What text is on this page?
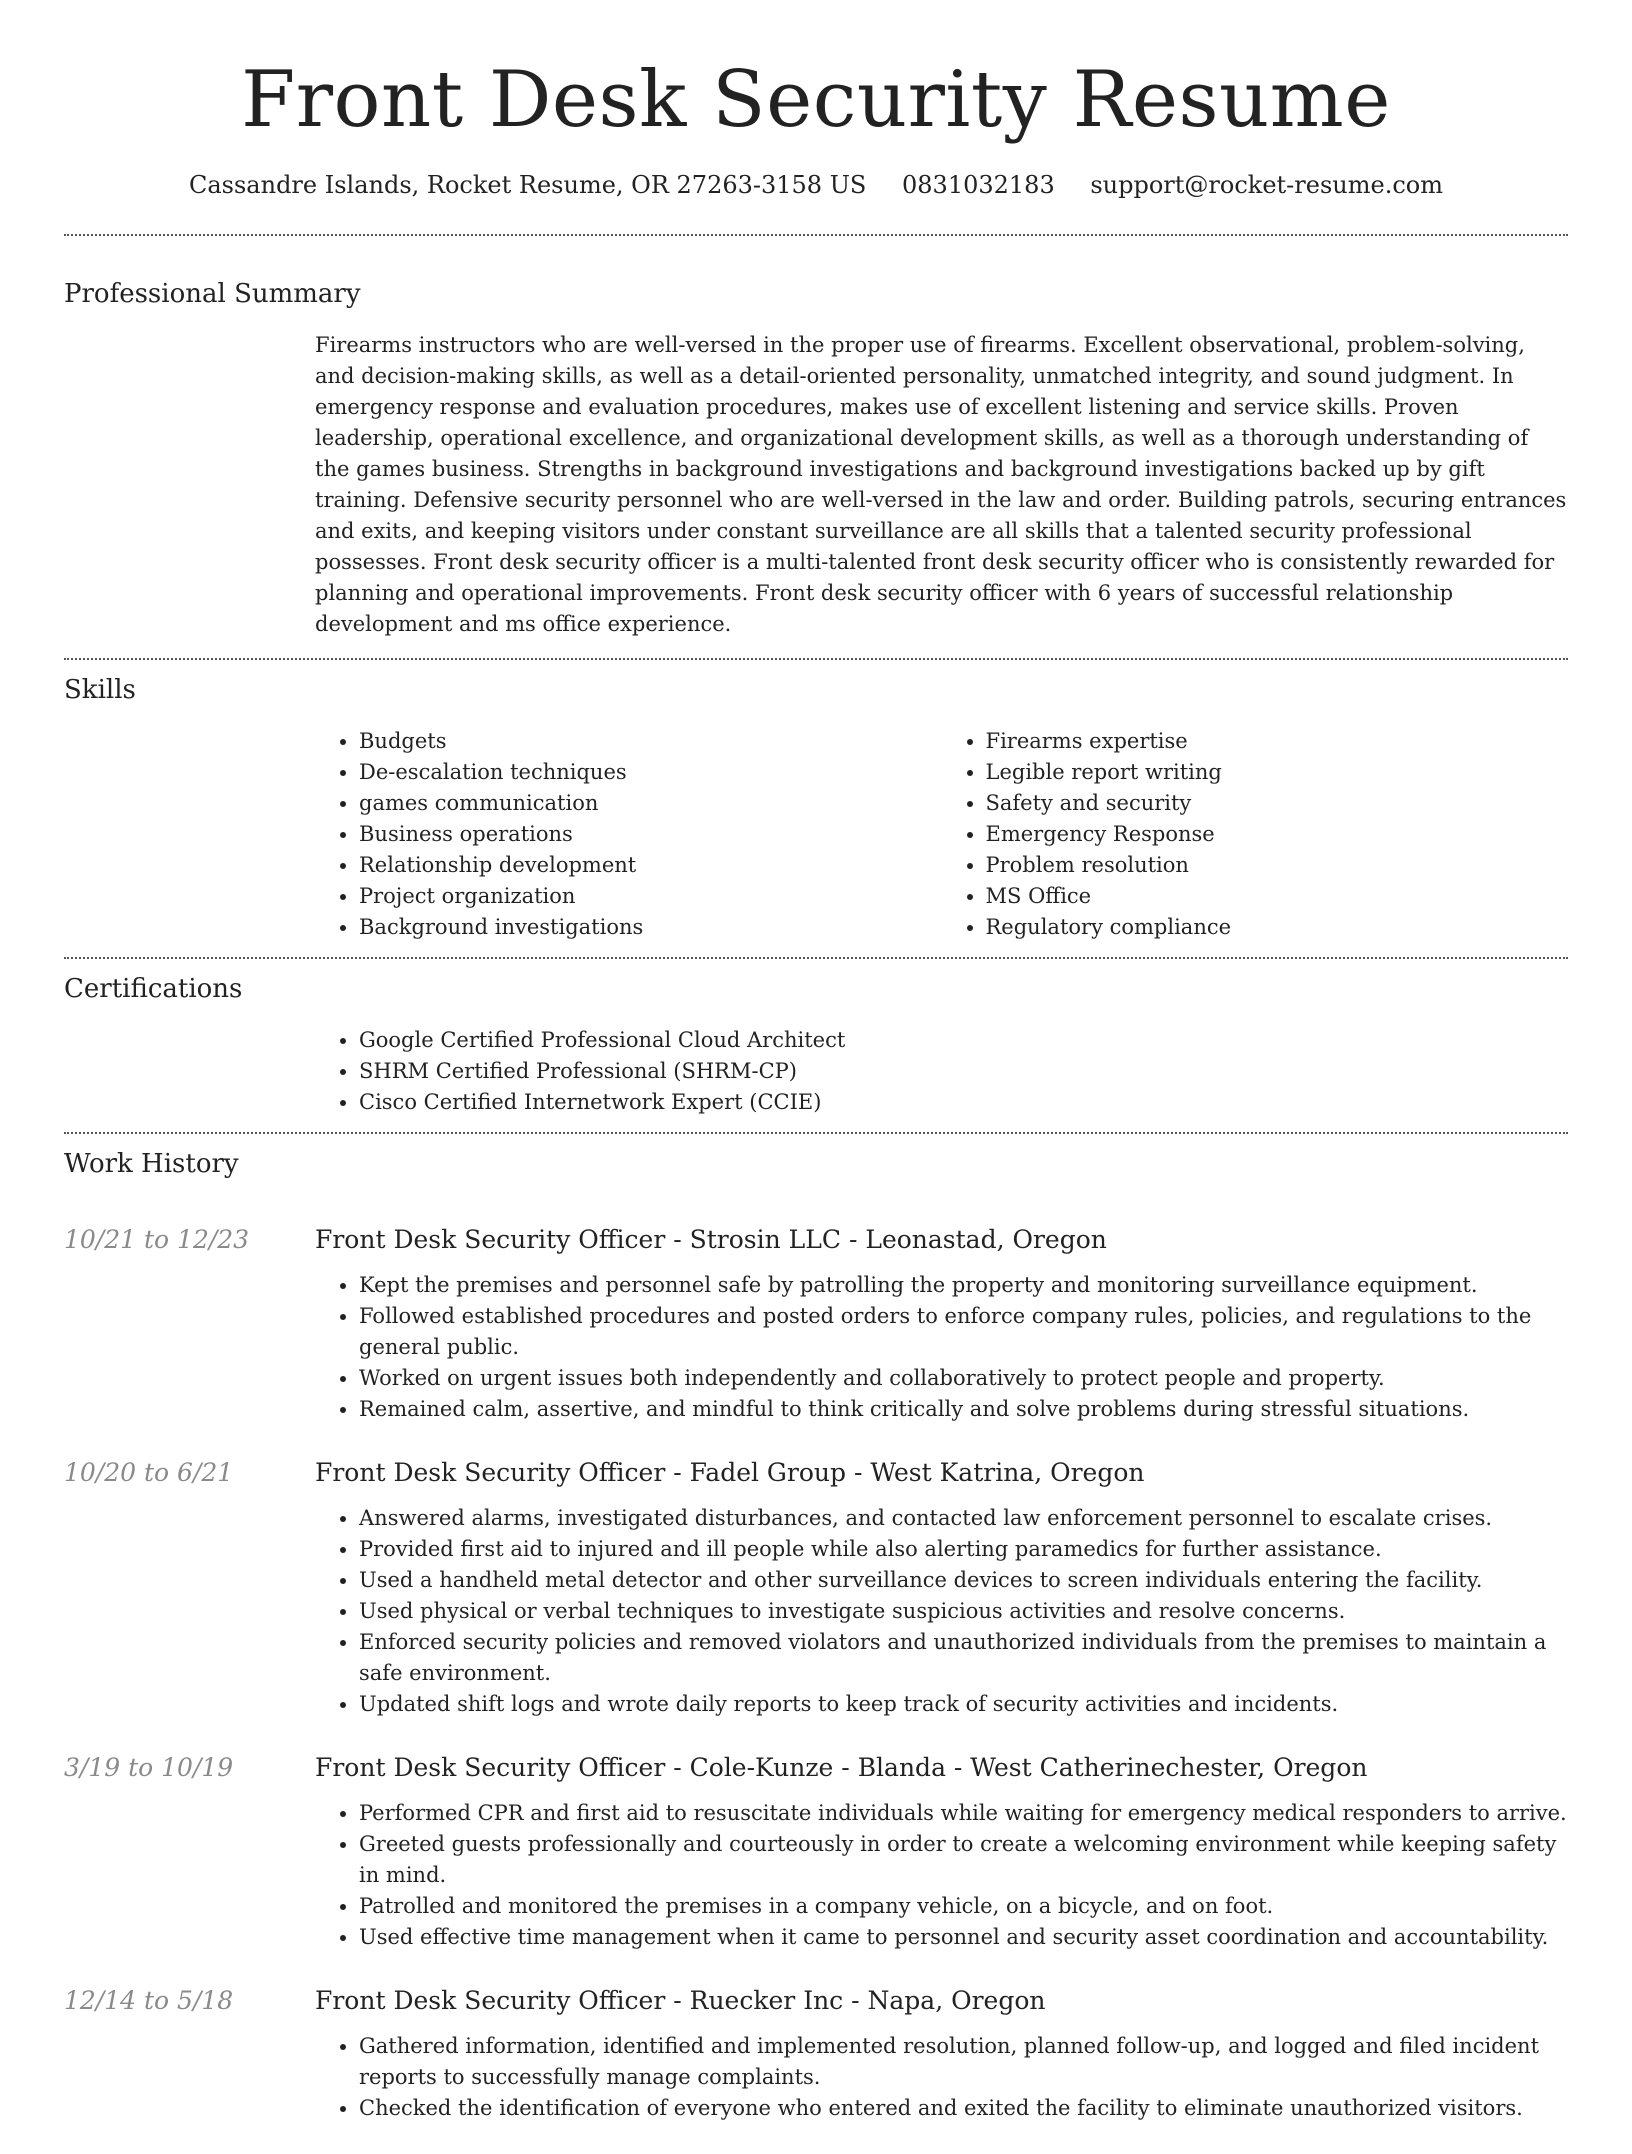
Front Desk Security Resume
Cassandre Islands, Rocket Resume, OR 27263-3158 US 0831032183 support@rocket-resume.com
Professional Summary
Firearms instructors who are well-versed in the proper use of firearms. Excellent observational, problem-solving, and decision-making skills, as well as a detail-oriented personality, unmatched integrity, and sound judgment. In emergency response and evaluation procedures, makes use of excellent listening and service skills. Proven leadership, operational excellence, and organizational development skills, as well as a thorough understanding of the games business. Strengths in background investigations and background investigations backed up by gift training. Defensive security personnel who are well-versed in the law and order. Building patrols, securing entrances and exits, and keeping visitors under constant surveillance are all skills that a talented security professional possesses. Front desk security officer is a multi-talented front desk security officer who is consistently rewarded for planning and operational improvements. Front desk security officer with 6 years of successful relationship development and ms office experience.
Skills
• Budgets
• De-escalation techniques
• games communication
• Business operations
• Relationship development
• Project organization
• Background investigations
• Firearms expertise
• Legible report writing
• Safety and security
• Emergency Response
• Problem resolution
• MS Office
• Regulatory compliance
Certifications
• Google Certified Professional Cloud Architect
• SHRM Certified Professional (SHRM-CP)
• Cisco Certified Internetwork Expert (CCIE)
Work History
10/21 to 12/23	Front Desk Security Officer - Strosin LLC - Leonastad, Oregon
• Kept the premises and personnel safe by patrolling the property and monitoring surveillance equipment.
• Followed established procedures and posted orders to enforce company rules, policies, and regulations to the general public.
• Worked on urgent issues both independently and collaboratively to protect people and property.
• Remained calm, assertive, and mindful to think critically and solve problems during stressful situations.
10/20 to 6/21	Front Desk Security Officer - Fadel Group - West Katrina, Oregon
• Answered alarms, investigated disturbances, and contacted law enforcement personnel to escalate crises.
• Provided first aid to injured and ill people while also alerting paramedics for further assistance.
• Used a handheld metal detector and other surveillance devices to screen individuals entering the facility.
• Used physical or verbal techniques to investigate suspicious activities and resolve concerns.
• Enforced security policies and removed violators and unauthorized individuals from the premises to maintain a safe environment.
• Updated shift logs and wrote daily reports to keep track of security activities and incidents.
3/19 to 10/19	Front Desk Security Officer - Cole-Kunze - Blanda - West Catherinechester, Oregon
• Performed CPR and first aid to resuscitate individuals while waiting for emergency medical responders to arrive.
• Greeted guests professionally and courteously in order to create a welcoming environment while keeping safety in mind.
• Patrolled and monitored the premises in a company vehicle, on a bicycle, and on foot.
• Used effective time management when it came to personnel and security asset coordination and accountability.
12/14 to 5/18	Front Desk Security Officer - Ruecker Inc - Napa, Oregon
• Gathered information, identified and implemented resolution, planned follow-up, and logged and filed incident reports to successfully manage complaints.
• Checked the identification of everyone who entered and exited the facility to eliminate unauthorized visitors.
